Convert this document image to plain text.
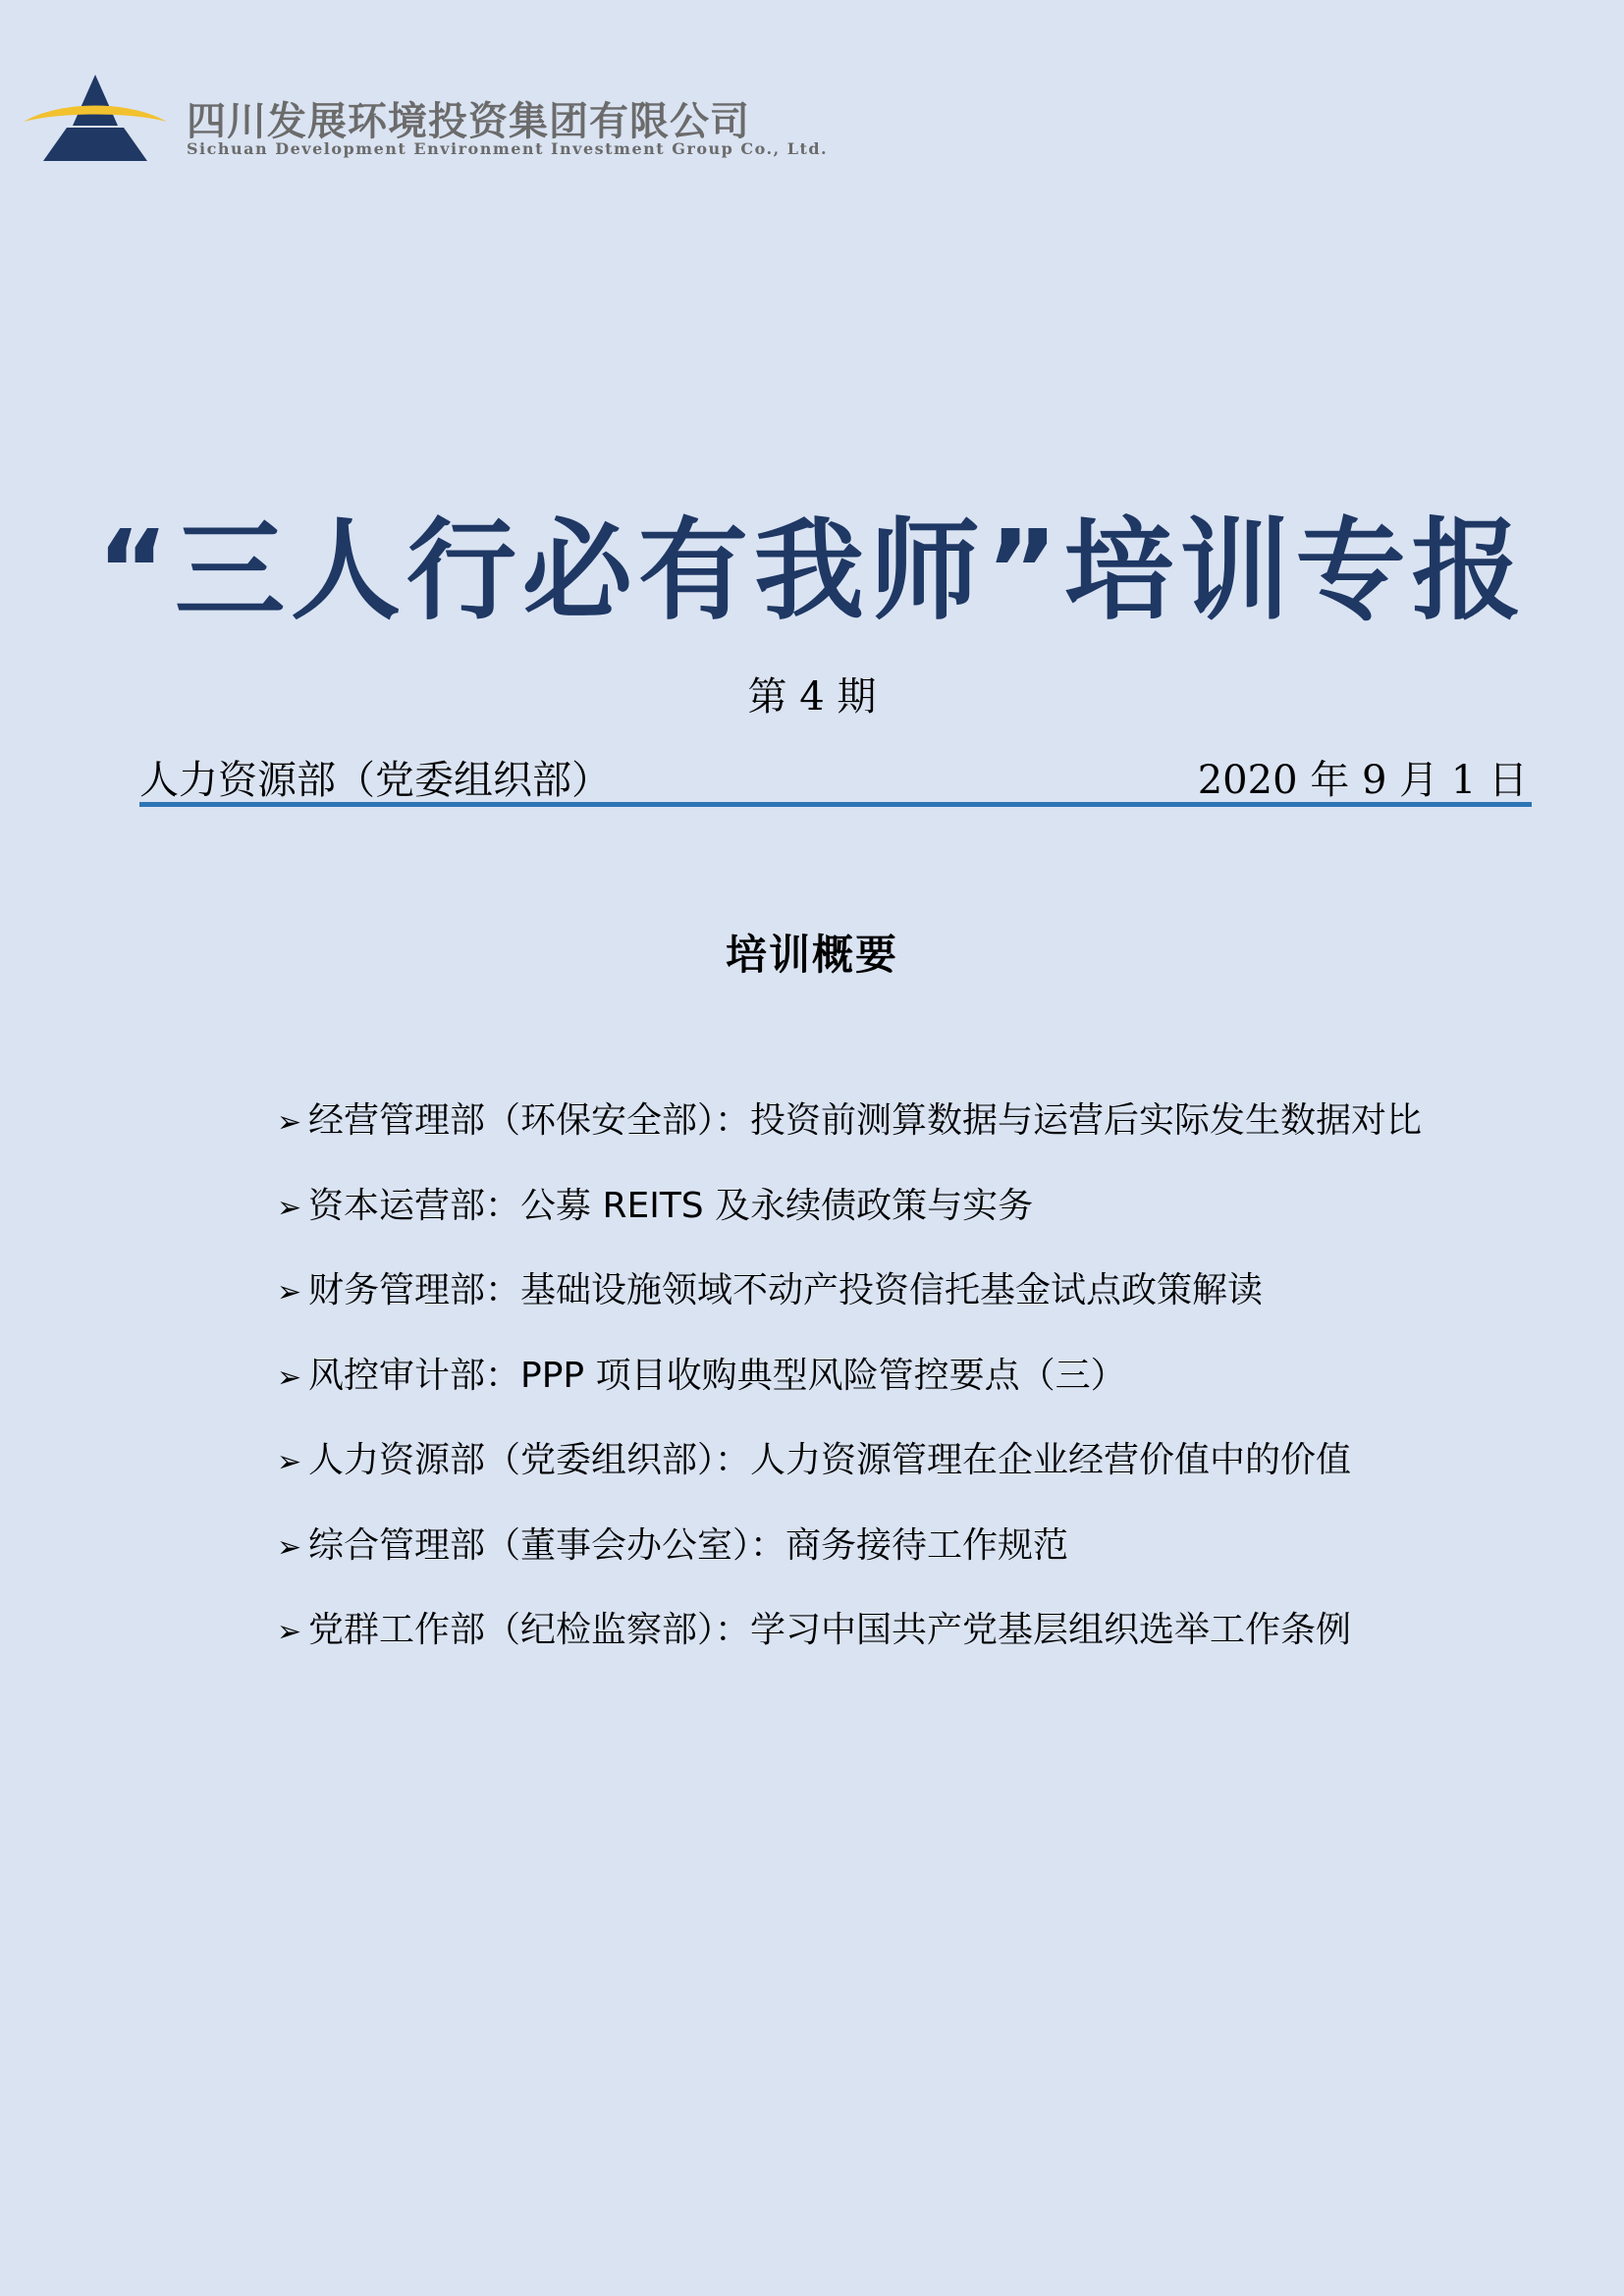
四川发展环境投资集团有限公司
Sichuan Development Environment Investment Group Co., Ltd.
“三人行必有我师”培训专报
第 4 期
人力资源部（党委组织部）	2020 年 9 月 1 日
培训概要
➢ 经营管理部（环保安全部）：投资前测算数据与运营后实际发生数据对比
➢ 资本运营部：公募 REITS 及永续债政策与实务
➢ 财务管理部：基础设施领域不动产投资信托基金试点政策解读
➢ 风控审计部：PPP 项目收购典型风险管控要点（三）
➢ 人力资源部（党委组织部）：人力资源管理在企业经营价值中的价值
➢ 综合管理部（董事会办公室）：商务接待工作规范
➢ 党群工作部（纪检监察部）：学习中国共产党基层组织选举工作条例
